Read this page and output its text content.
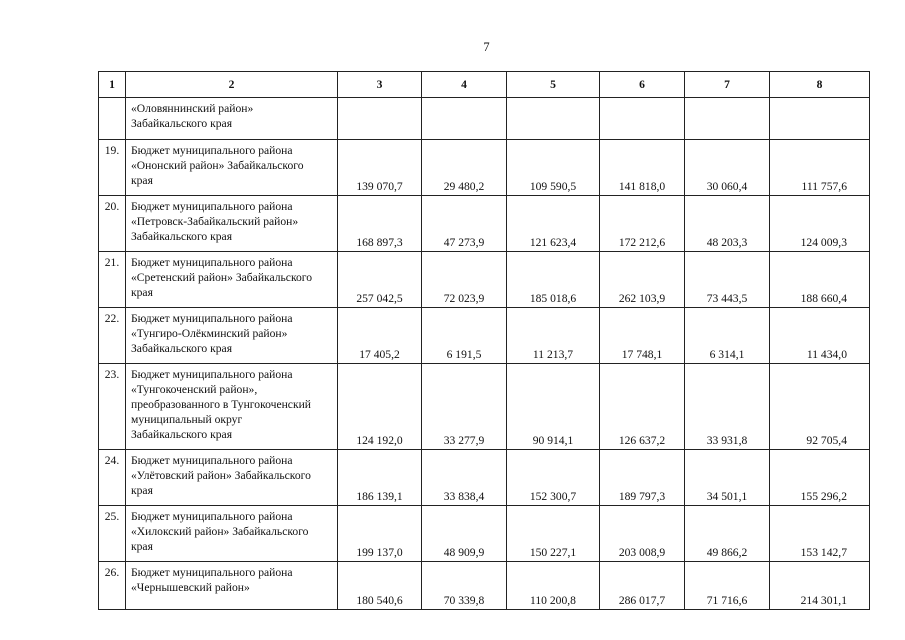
7
1	2	3	4	5	6	7	8

	«Оловяннинский район»
Забайкальского края						

19.	Бюджет муниципального района
«Ононский район» Забайкальского
края	139 070,7	29 480,2	109 590,5	141 818,0	30 060,4	111 757,6
20.	Бюджет муниципального района
«Петровск-Забайкальский район»
Забайкальского края	168 897,3	47 273,9	121 623,4	172 212,6	48 203,3	124 009,3
21.	Бюджет муниципального района
«Сретенский район» Забайкальского
края	257 042,5	72 023,9	185 018,6	262 103,9	73 443,5	188 660,4
22.	Бюджет муниципального района
«Тунгиро-Олёкминский район»
Забайкальского края	17 405,2	6 191,5	11 213,7	17 748,1	6 314,1	11 434,0
23.	Бюджет муниципального района
«Тунгокоченский район»,
преобразованного в Тунгокоченский
муниципальный округ
Забайкальского края	124 192,0	33 277,9	90 914,1	126 637,2	33 931,8	92 705,4
24.	Бюджет муниципального района
«Улётовский район» Забайкальского
края	186 139,1	33 838,4	152 300,7	189 797,3	34 501,1	155 296,2
25.	Бюджет муниципального района
«Хилокский район» Забайкальского
края	199 137,0	48 909,9	150 227,1	203 008,9	49 866,2	153 142,7
26.	Бюджет муниципального района
«Чернышевский район»	180 540,6	70 339,8	110 200,8	286 017,7	71 716,6	214 301,1
